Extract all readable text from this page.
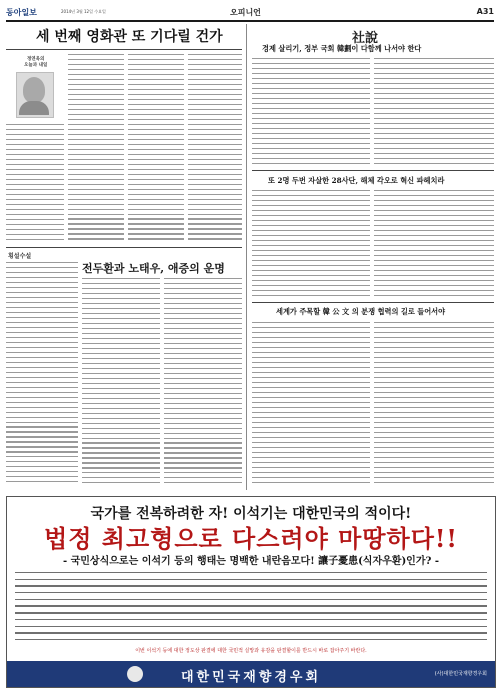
동아일보	2014년 3월 12일 수요일	오피니언	A31
세 번째 영화관 또 기다릴 건가
정연욱의
오늘과 내일
횡설수설
전두환과 노태우, 애증의 운명
社說
경제 살리기, 정부 국회 韓劃이 다함께 나서야 한다
또 2명 두번 자살한 28사단, 해체 각오로 혁신 파헤치라
세계가 주목할 韓 公 文 의 분쟁 협력의 길로 들어서야
국가를 전복하려한 자! 이석기는 대한민국의 적이다!
법정 최고형으로 다스려야 마땅하다!!
- 국민상식으로는 이석기 등의 행태는 명백한 내란음모다! 讓子憂患(식자우환)인가? -
이번 이석기 등에 대한 정도상 판결에 대한 국민적 실망과 유감을 판결할이를 반드시 바로 잡아주기 바란다.
대한민국재향경우회	(사)대한민국재향경우회
